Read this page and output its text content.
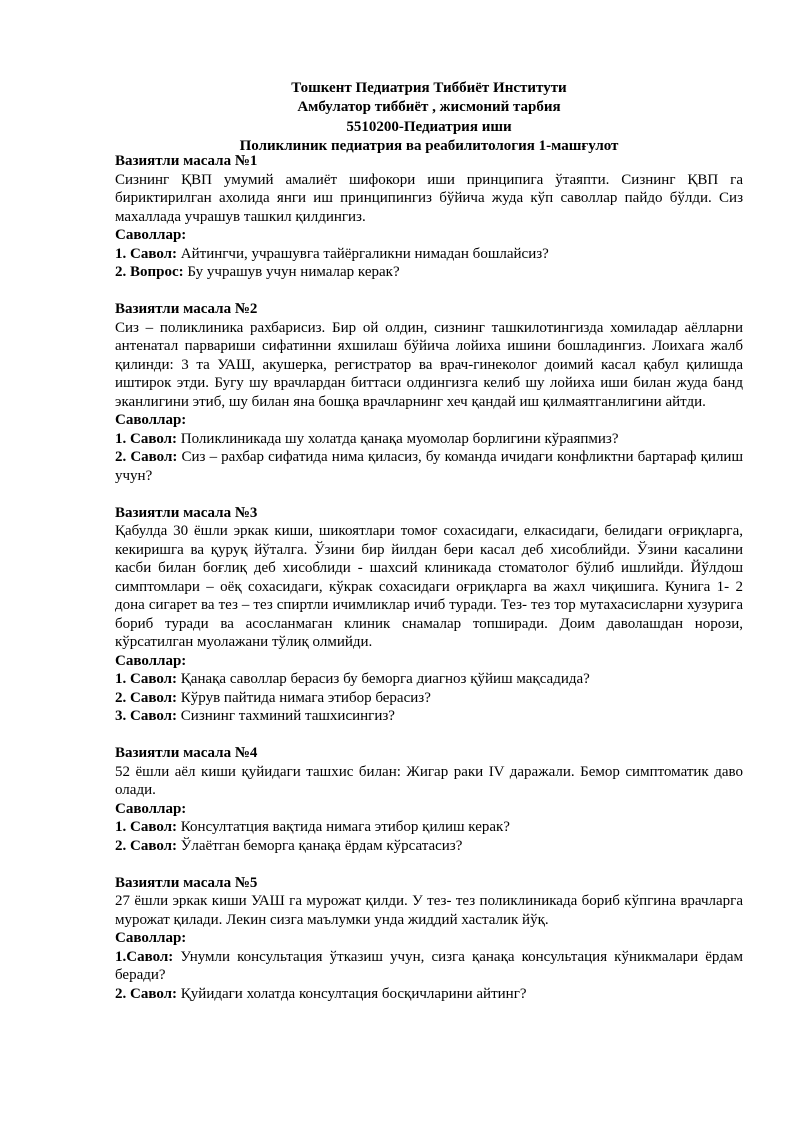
Тошкент Педиатрия Тиббиёт Институти
Амбулатор тиббиёт , жисмоний тарбия
5510200-Педиатрия иши
Поликлиник педиатрия ва реабилитология 1-машғулот
Вазиятли масала №1
Сизнинг ҚВП умумий амалиёт шифокори иши принципига ўтаяпти. Сизнинг ҚВП га бириктирилган ахолида янги иш принципингиз бўйича жуда кўп саволлар пайдо бўлди. Сиз махаллада учрашув ташкил қилдингиз.
Саволлар:
1. Савол: Айтингчи, учрашувга тайёргаликни нимадан бошлайсиз?
2. Вопрос: Бу учрашув учун нималар керак?
Вазиятли масала №2
Сиз – поликлиника рахбарисиз. Бир ой олдин, сизнинг ташкилотингизда хомиладар аёлларни антенатал парвариши сифатинни яхшилаш бўйича лойиха ишини бошладингиз. Лоихага жалб қилинди: 3 та УАШ, акушерка, регистратор ва врач-гинеколог доимий касал қабул қилишда иштирок этди. Бугу шу врачлардан биттаси олдингизга келиб шу лойиха иши билан жуда банд эканлигини этиб, шу билан яна бошқа врачларнинг хеч қандай иш қилмаятганлигини айтди.
Саволлар:
1. Савол: Поликлиникада шу холатда қанақа муомолар борлигини кўраяпмиз?
2. Савол: Сиз – рахбар сифатида нима қиласиз, бу команда ичидаги конфликтни бартараф қилиш учун?
Вазиятли масала №3
Қабулда 30 ёшли эркак киши, шикоятлари томоғ сохасидаги, елкасидаги, белидаги оғриқларга, кекиришга ва қуруқ йўталга. Ўзини бир йилдан бери касал деб хисоблийди. Ўзини касалини касби билан боғлиқ деб хисоблиди - шахсий клиникада стоматолог бўлиб ишлийди. Йўлдош симптомлари – оёқ сохасидаги, кўкрак сохасидаги оғриқларга ва жахл чиқишига. Кунига 1- 2 дона сигарет ва тез – тез спиртли ичимликлар ичиб туради. Тез- тез тор мутахасисларни хузурига бориб туради ва асосланмаган клиник снамалар топширади. Доим даволашдан норози, кўрсатилган муолажани тўлиқ олмийди.
Саволлар:
1. Савол: Қанақа саволлар берасиз бу беморга диагноз қўйиш мақсадида?
2. Савол: Кўрув пайтида нимага этибор берасиз?
3. Савол: Сизнинг тахминий ташхисингиз?
Вазиятли масала №4
52 ёшли аёл киши қуйидаги ташхис билан: Жигар раки IV даражали. Бемор симптоматик даво олади.
Саволлар:
1. Савол: Консултатция вақтида нимага этибор қилиш керак?
2. Савол: Ўлаётган беморга қанақа ёрдам кўрсатасиз?
Вазиятли масала №5
27 ёшли эркак киши УАШ га мурожат қилди. У тез- тез поликлиникада бориб кўпгина врачларга мурожат қилади. Лекин сизга маълумки унда жиддий хасталик йўқ.
Саволлар:
1.Савол: Унумли консультация ўтказиш учун, сизга қанақа консультация кўникмалари ёрдам беради?
2. Савол: Қуйидаги холатда консултация босқичларини айтинг?
